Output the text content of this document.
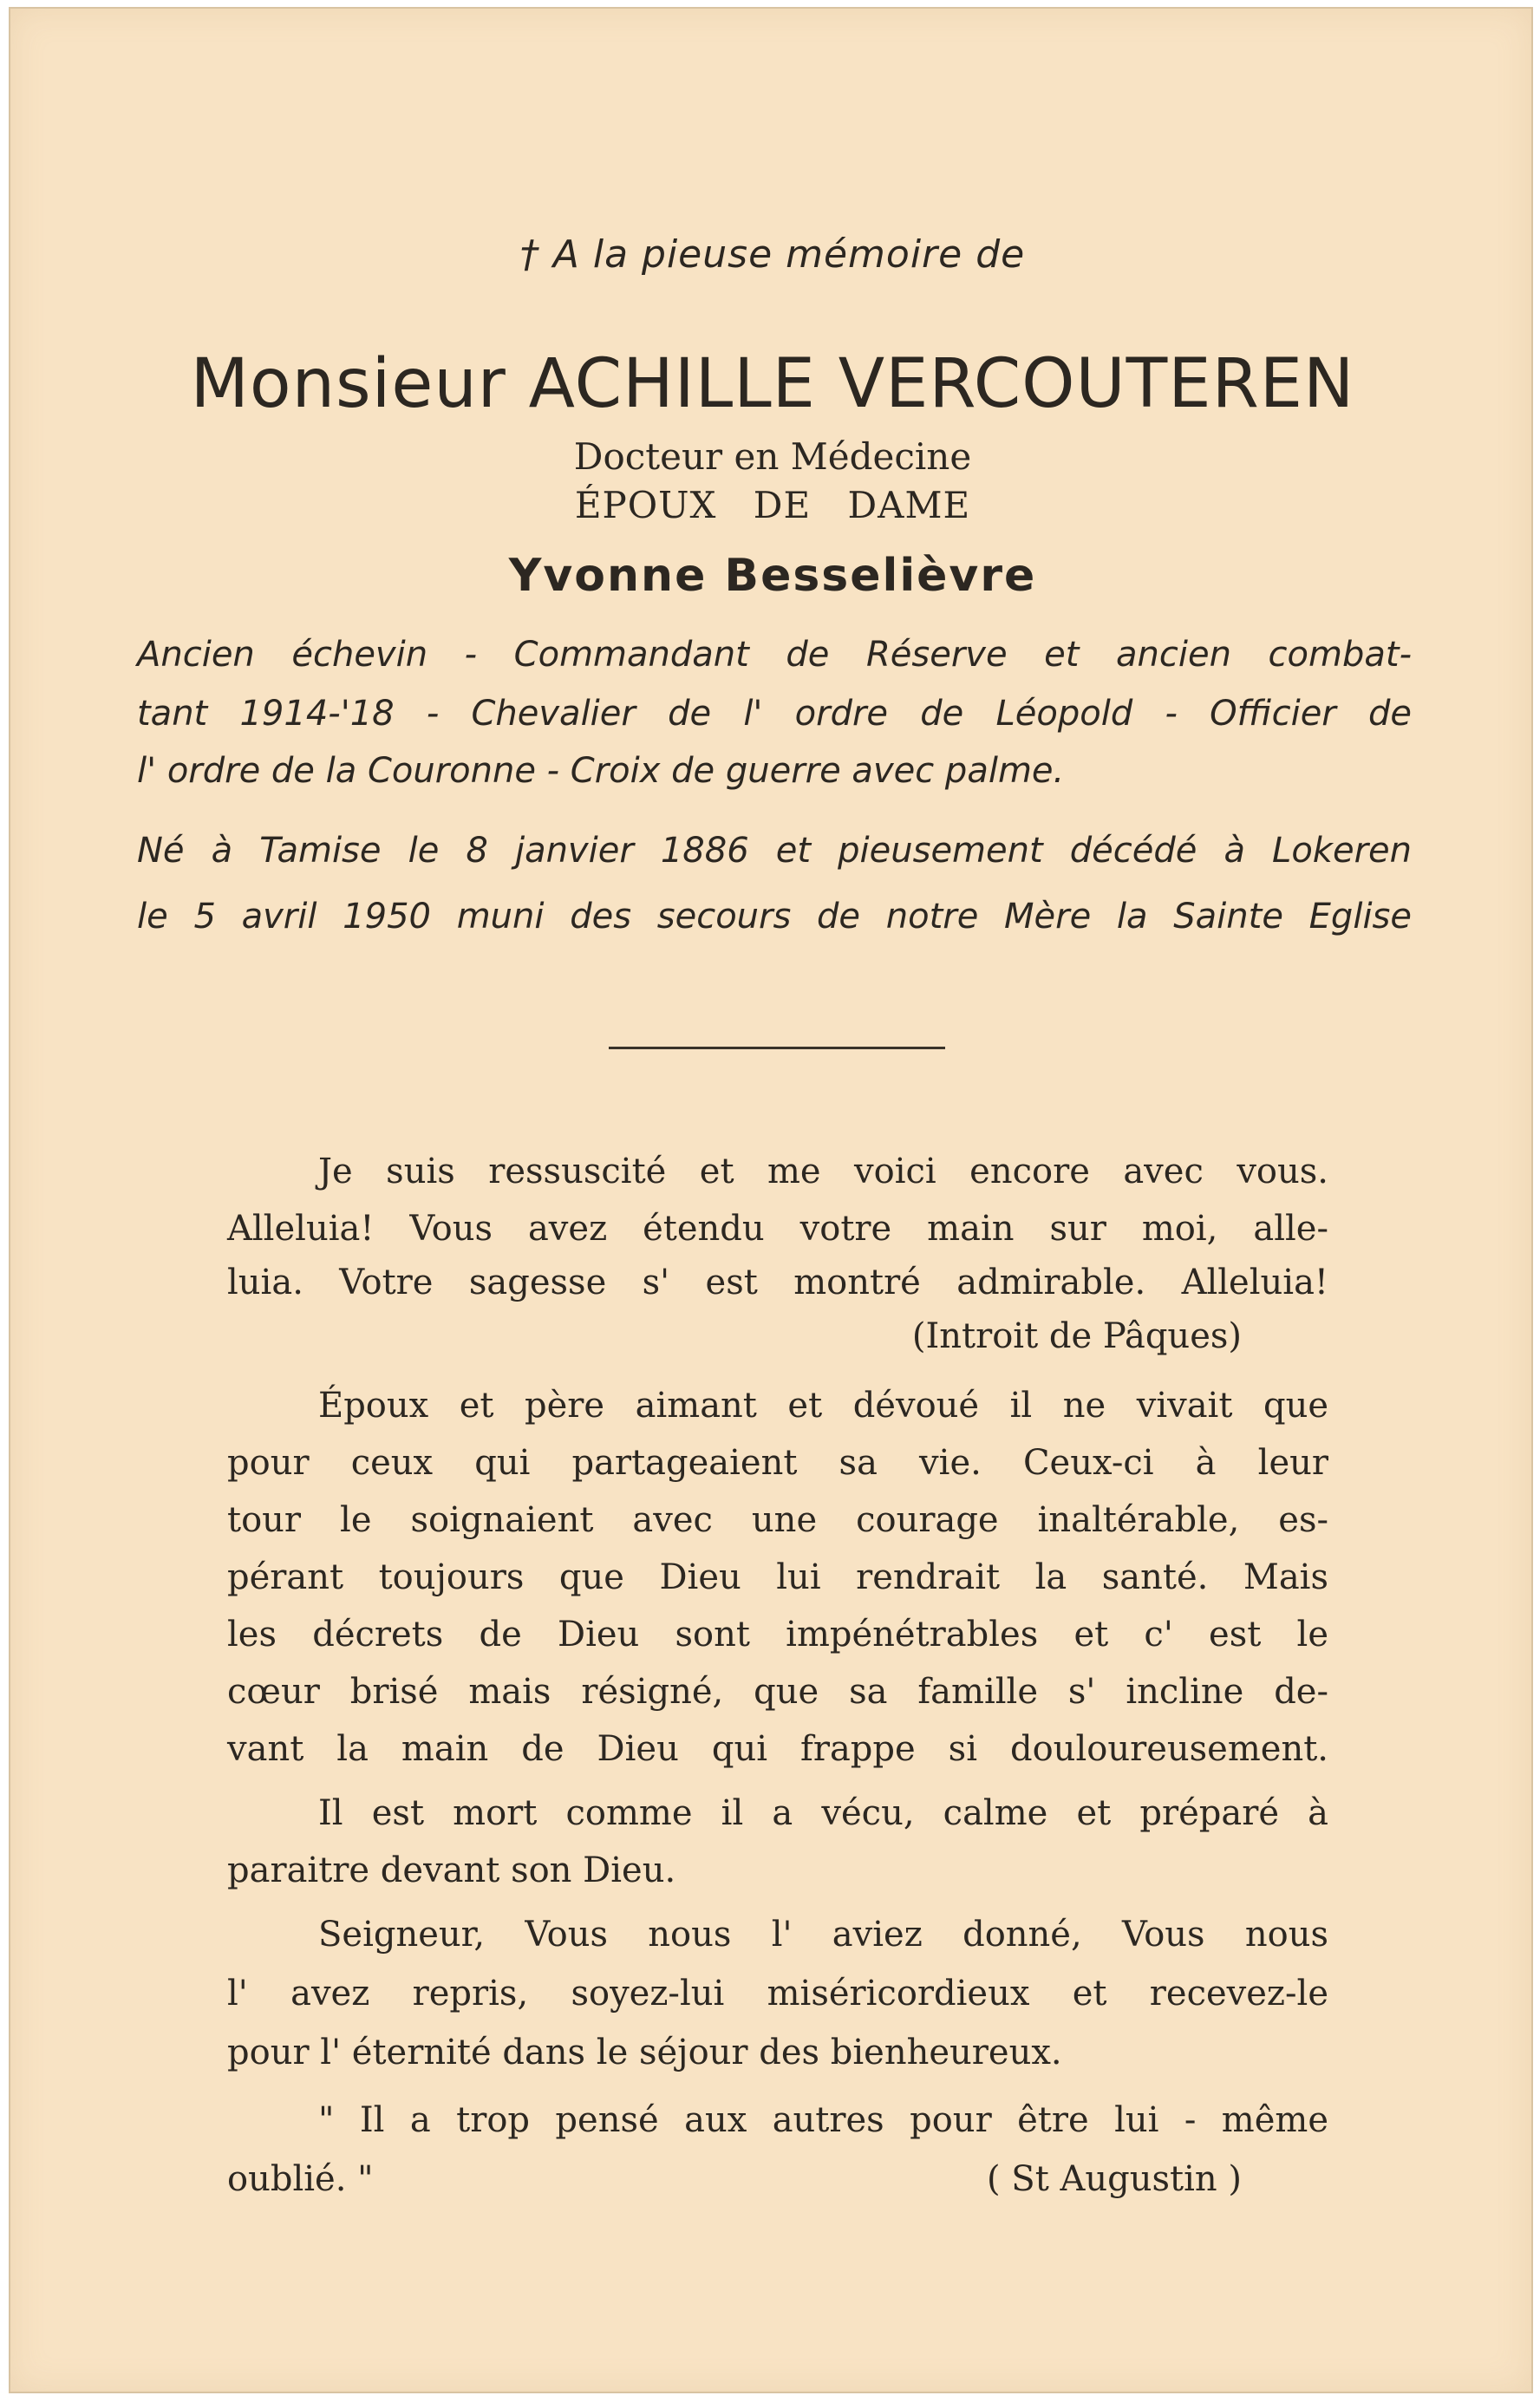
† A la pieuse mémoire de
Monsieur ACHILLE VERCOUTEREN
Docteur en Médecine
ÉPOUX DE DAME
Yvonne Besselièvre
Ancien échevin - Commandant de Réserve et ancien combat-
tant 1914-'18 - Chevalier de l' ordre de Léopold - Officier de
l' ordre de la Couronne - Croix de guerre avec palme.
Né à Tamise le 8 janvier 1886 et pieusement décédé à Lokeren
le 5 avril 1950 muni des secours de notre Mère la Sainte Eglise
Je suis ressuscité et me voici encore avec vous.
Alleluia! Vous avez étendu votre main sur moi, alle-
luia. Votre sagesse s' est montré admirable. Alleluia!
(Introit de Pâques)
Époux et père aimant et dévoué il ne vivait que
pour ceux qui partageaient sa vie. Ceux-ci à leur
tour le soignaient avec une courage inaltérable, es-
pérant toujours que Dieu lui rendrait la santé. Mais
les décrets de Dieu sont impénétrables et c' est le
cœur brisé mais résigné, que sa famille s' incline de-
vant la main de Dieu qui frappe si douloureusement.
Il est mort comme il a vécu, calme et préparé à
paraitre devant son Dieu.
Seigneur, Vous nous l' aviez donné, Vous nous
l' avez repris, soyez-lui miséricordieux et recevez-le
pour l' éternité dans le séjour des bienheureux.
" Il a trop pensé aux autres pour être lui - même
oublié. "	( St Augustin )
